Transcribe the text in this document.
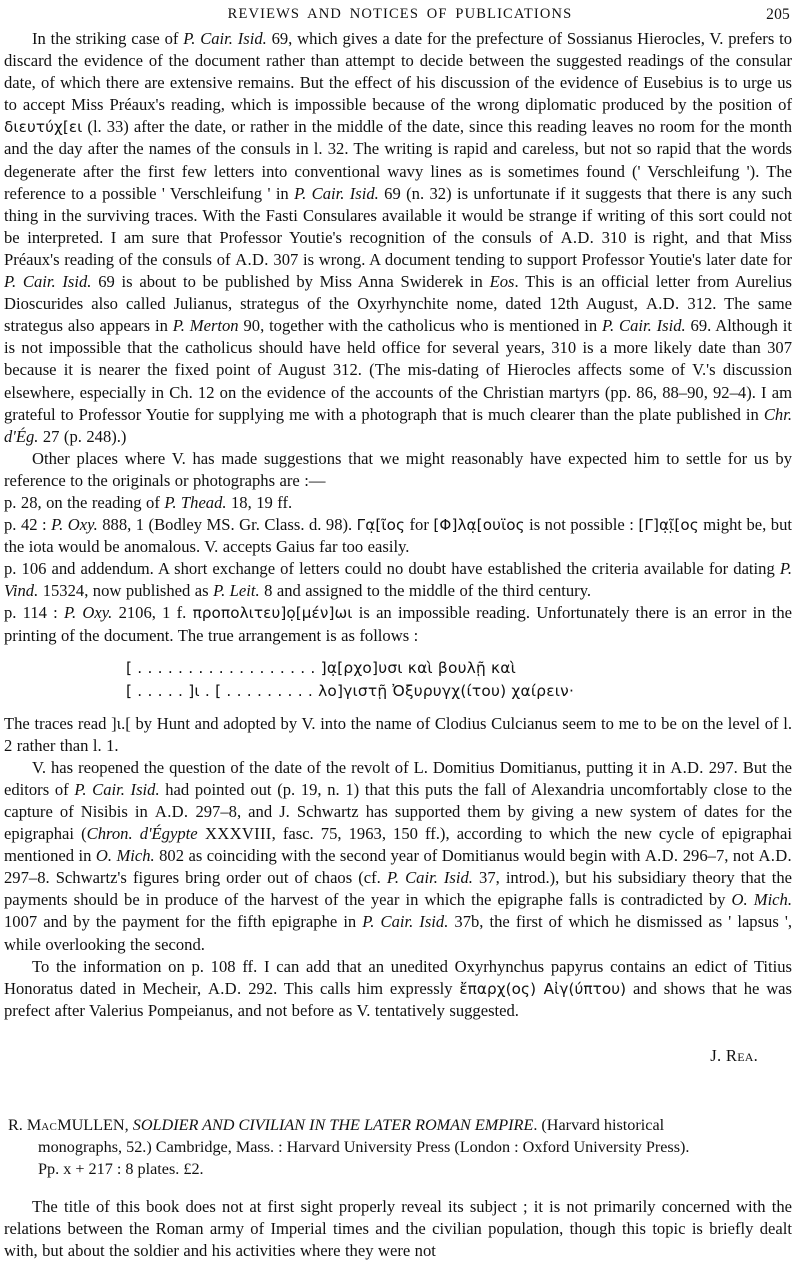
REVIEWS AND NOTICES OF PUBLICATIONS	205

In the striking case of P. Cair. Isid. 69, which gives a date for the prefecture of Sossianus Hierocles, V. prefers to discard the evidence of the document rather than attempt to decide between the suggested readings of the consular date, of which there are extensive remains. But the effect of his discussion of the evidence of Eusebius is to urge us to accept Miss Préaux's reading, which is impossible because of the wrong diplomatic produced by the position of διευτύχ[ει (l. 33) after the date, or rather in the middle of the date, since this reading leaves no room for the month and the day after the names of the consuls in l. 32. The writing is rapid and careless, but not so rapid that the words degenerate after the first few letters into conventional wavy lines as is sometimes found (' Verschleifung '). The reference to a possible ' Verschleifung ' in P. Cair. Isid. 69 (n. 32) is unfortunate if it suggests that there is any such thing in the surviving traces. With the Fasti Consulares available it would be strange if writing of this sort could not be interpreted. I am sure that Professor Youtie's recognition of the consuls of A.D. 310 is right, and that Miss Préaux's reading of the consuls of A.D. 307 is wrong. A document tending to support Professor Youtie's later date for P. Cair. Isid. 69 is about to be published by Miss Anna Swiderek in Eos. This is an official letter from Aurelius Dioscurides also called Julianus, strategus of the Oxyrhynchite nome, dated 12th August, A.D. 312. The same strategus also appears in P. Merton 90, together with the catholicus who is mentioned in P. Cair. Isid. 69. Although it is not impossible that the catholicus should have held office for several years, 310 is a more likely date than 307 because it is nearer the fixed point of August 312. (The mis-dating of Hierocles affects some of V.'s discussion elsewhere, especially in Ch. 12 on the evidence of the accounts of the Christian martyrs (pp. 86, 88–90, 92–4). I am grateful to Professor Youtie for supplying me with a photograph that is much clearer than the plate published in Chr. d'Ég. 27 (p. 248).)

Other places where V. has made suggestions that we might reasonably have expected him to settle for us by reference to the originals or photographs are :—

p. 28, on the reading of P. Thead. 18, 19 ff.

p. 42 : P. Oxy. 888, 1 (Bodley MS. Gr. Class. d. 98). Γα̣[ῖος for [Φ]λα̣[ουϊος is not possible : [Γ]α̣ῖ̣[ος might be, but the iota would be anomalous. V. accepts Gaius far too easily.

p. 106 and addendum. A short exchange of letters could no doubt have established the criteria available for dating P. Vind. 15324, now published as P. Leit. 8 and assigned to the middle of the third century.

p. 114 : P. Oxy. 2106, 1 f. προπολιτευ]ο̣[μέν]ωι is an impossible reading. Unfortunately there is an error in the printing of the document. The true arrangement is as follows :

[ . . . . . . . . . . . . . . . . . . ]α̣[ρχο]υσι καὶ βουλῇ καὶ
[ . . . . . ]ι . [ . . . . . . . . . λο]γιστῇ Ὀξυρυγχ(ίτου) χαίρειν·

The traces read ]ι.[ by Hunt and adopted by V. into the name of Clodius Culcianus seem to me to be on the level of l. 2 rather than l. 1.

V. has reopened the question of the date of the revolt of L. Domitius Domitianus, putting it in A.D. 297. But the editors of P. Cair. Isid. had pointed out (p. 19, n. 1) that this puts the fall of Alexandria uncomfortably close to the capture of Nisibis in A.D. 297–8, and J. Schwartz has supported them by giving a new system of dates for the epigraphai (Chron. d'Égypte XXXVIII, fasc. 75, 1963, 150 ff.), according to which the new cycle of epigraphai mentioned in O. Mich. 802 as coinciding with the second year of Domitianus would begin with A.D. 296–7, not A.D. 297–8. Schwartz's figures bring order out of chaos (cf. P. Cair. Isid. 37, introd.), but his subsidiary theory that the payments should be in produce of the harvest of the year in which the epigraphe falls is contradicted by O. Mich. 1007 and by the payment for the fifth epigraphe in P. Cair. Isid. 37b, the first of which he dismissed as ' lapsus ', while overlooking the second.

To the information on p. 108 ff. I can add that an unedited Oxyrhynchus papyrus contains an edict of Titius Honoratus dated in Mecheir, A.D. 292. This calls him expressly ἔπαρχ(ος) Αἰγ(ύπτου) and shows that he was prefect after Valerius Pompeianus, and not before as V. tentatively suggested.

J. Rea.
R. MacMULLEN, SOLDIER AND CIVILIAN IN THE LATER ROMAN EMPIRE. (Harvard historical
monographs, 52.) Cambridge, Mass. : Harvard University Press (London : Oxford University Press).
Pp. x + 217 : 8 plates. £2.

The title of this book does not at first sight properly reveal its subject ; it is not primarily concerned with the relations between the Roman army of Imperial times and the civilian population, though this topic is briefly dealt with, but about the soldier and his activities where they were not
